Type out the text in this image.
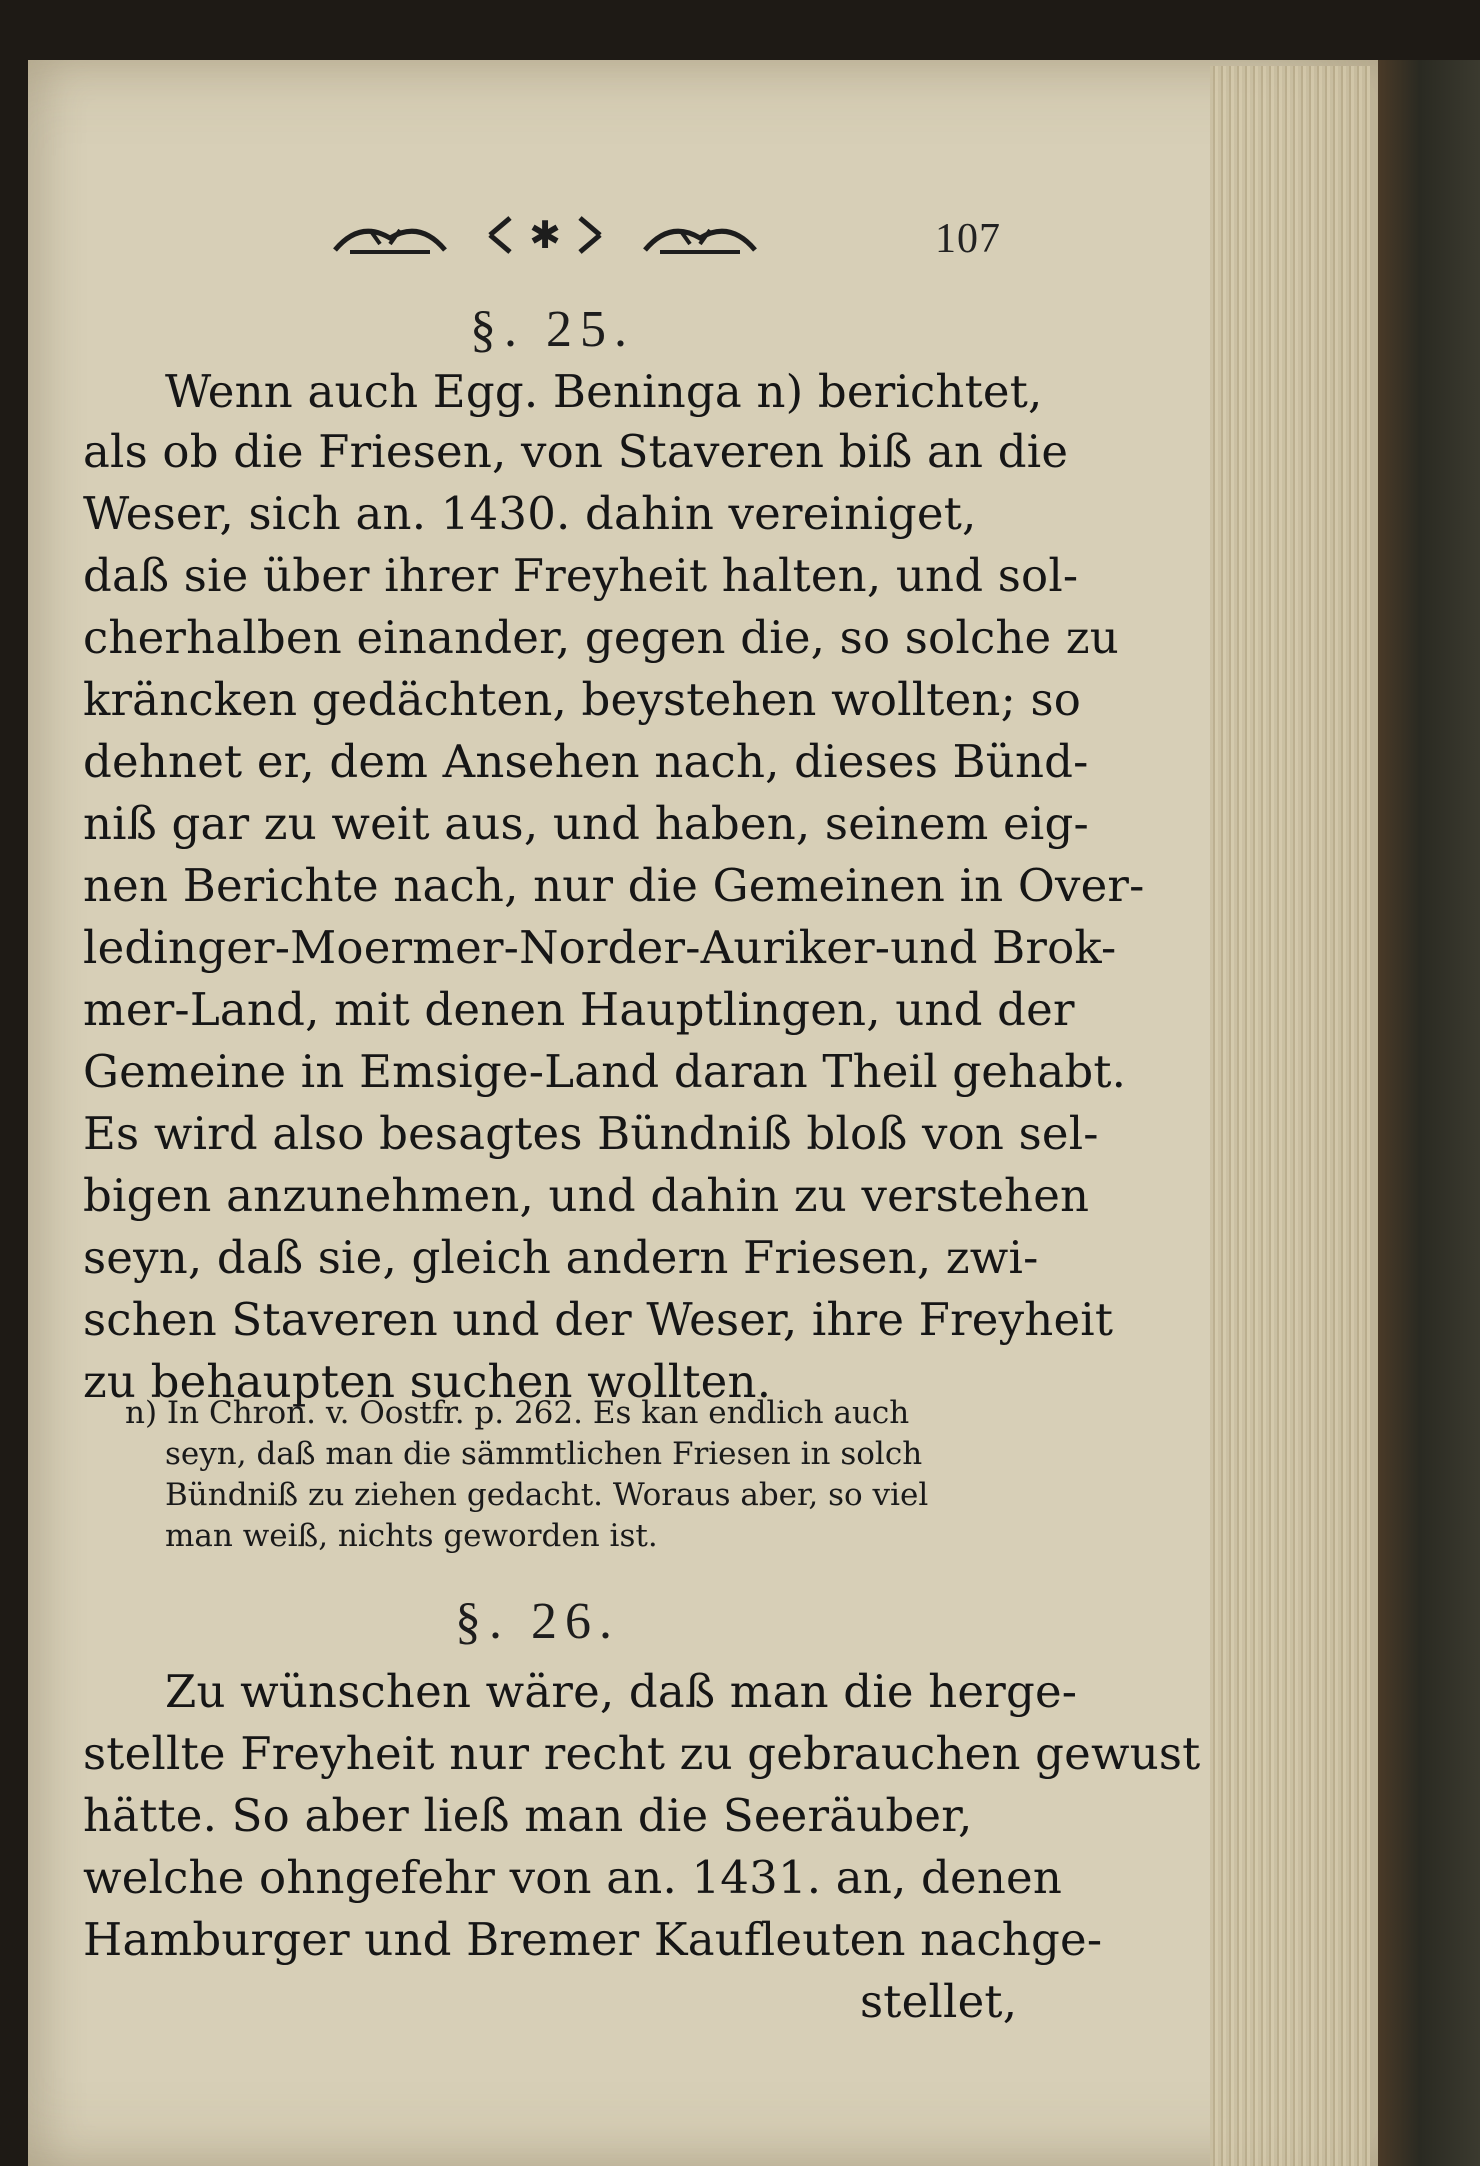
✱	107
§. 25.
Wenn auch Egg. Beninga n) berichtet,
als ob die Friesen, von Staveren biß an die
Weser, sich an. 1430. dahin vereiniget,
daß sie über ihrer Freyheit halten, und sol-
cherhalben einander, gegen die, so solche zu
kräncken gedächten, beystehen wollten; so
dehnet er, dem Ansehen nach, dieses Bünd-
niß gar zu weit aus, und haben, seinem eig-
nen Berichte nach, nur die Gemeinen in Over-
ledinger-Moermer-Norder-Auriker-und Brok-
mer-Land, mit denen Hauptlingen, und der
Gemeine in Emsige-Land daran Theil gehabt.
Es wird also besagtes Bündniß bloß von sel-
bigen anzunehmen, und dahin zu verstehen
seyn, daß sie, gleich andern Friesen, zwi-
schen Staveren und der Weser, ihre Freyheit
zu behaupten suchen wollten.
n) In Chron. v. Oostfr. p. 262. Es kan endlich auch
seyn, daß man die sämmtlichen Friesen in solch
Bündniß zu ziehen gedacht. Woraus aber, so viel
man weiß, nichts geworden ist.
§. 26.
Zu wünschen wäre, daß man die herge-
stellte Freyheit nur recht zu gebrauchen gewust
hätte. So aber ließ man die Seeräuber,
welche ohngefehr von an. 1431. an, denen
Hamburger und Bremer Kaufleuten nachge-
stellet,
